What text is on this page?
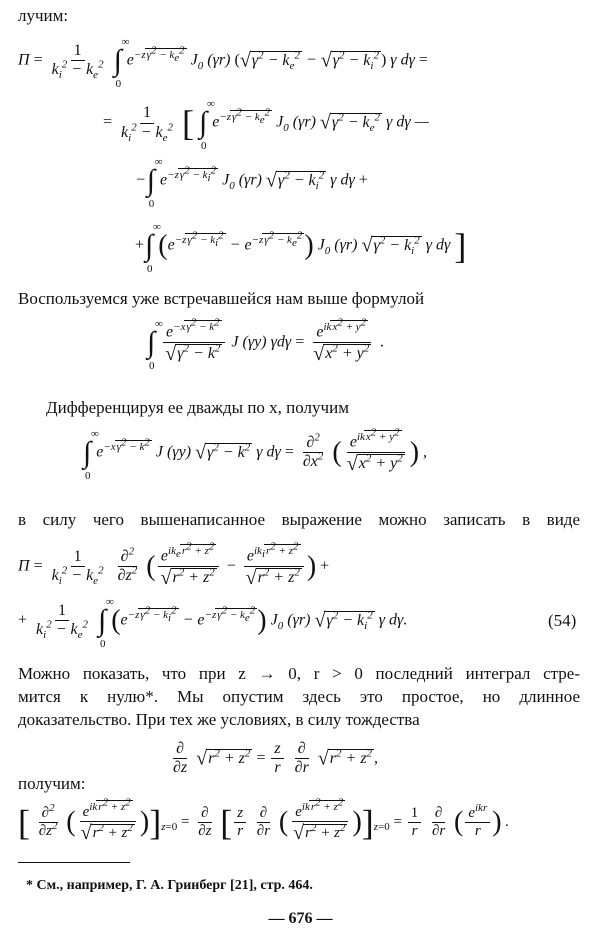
лучим:
$П = \frac{1}{k_i^2 - k_e^2}$ ∫
∞
0
$e^{-z\gamma^2 - k_e^2}$ $J_0$ (γr) ($√\gamma^2 - k_e^2 - √\gamma^2 - k_i^2$ ) γ dγ =
= $\frac{1}{k_i^2 - k_e^2}$ [ ∫
∞
0
$e^{-z\gamma^2 - k_e^2}$ $J_0$ (γr) $√\gamma^2 - k_e^2$ γ dγ —
−∫
∞
0
$e^{-z\gamma^2 - k_i^2}$ $J_0$ (γr) $√\gamma^2 - k_i^2$ γ dγ +
+∫
∞
0
$(e^{-z\gamma^2 - k_i^2} - e^{-z\gamma^2 - k_e^2})$ $J_0$ (γr) $√\gamma^2 - k_i^2$ γ dγ ]
Воспользуемся уже встречавшейся нам выше формулой
∫
∞
0

$\frac{e^{-x\gamma^2 - k^2}}{√\gamma^2 - k^2}$ J (γy) $\gamma d\gamma = \frac{e^{ikx^2 + y^2}}{√x^2 + y^2}$ .
Дифференцируя ее дважды по x, получим
∫
∞
0
$e^{-x\gamma^2 - k^2}$ J (γy) $√\gamma^2 - k^2$ γ $d\gamma = \frac{\partial^2}{\partial x^2}$ ( $\frac{e^{ikx^2 + y^2}}{√x^2 + y^2}$ ) ,
в силу чего вышенаписанное выражение можно записать в виде
$П = \frac{1}{k_i^2 - k_e^2}$
$\frac{\partial^2}{\partial z^2}$ ( $\frac{e^{ik_er^2 + z^2}}{√r^2 + z^2} - \frac{e^{ik_ir^2 + z^2}}{√r^2 + z^2}$ ) +
+ $\frac{1}{k_i^2 - k_e^2}$ ∫
∞
0
$(e^{-z\gamma^2 - k_i^2} - e^{-z\gamma^2 - k_e^2})$ $J_0$ (γr) $√\gamma^2 - k_i^2$ γ dγ.	(54)
Можно показать, что при z → 0, r > 0 последний интеграл стре-
мится к нулю*. Мы опустим здесь это простое, но длинное
доказательство. При тех же условиях, в силу тождества
$\frac{\partial}{\partial z} √r^2 + z^2 = \frac{z}{r}$
$\frac{\partial}{\partial r} √r^2 + z^2$ ,
получим:
[ $\frac{\partial^2}{\partial z^2}$ ( $\frac{e^{ikr^2 + z^2}}{√r^2 + z^2} )]_{z=0} = \frac{\partial}{\partial z}$ [ $\frac{z}{r}$
$\frac{\partial}{\partial r}$ ( $\frac{e^{ikr^2 + z^2}}{√r^2 + z^2} )]_{z=0} = \frac{1}{r}$
$\frac{\partial}{\partial r}$ ( $\frac{e^{ikr}}{r}$ ) .
* См., например, Г. А. Гринберг [21], стр. 464.
— 676 —
